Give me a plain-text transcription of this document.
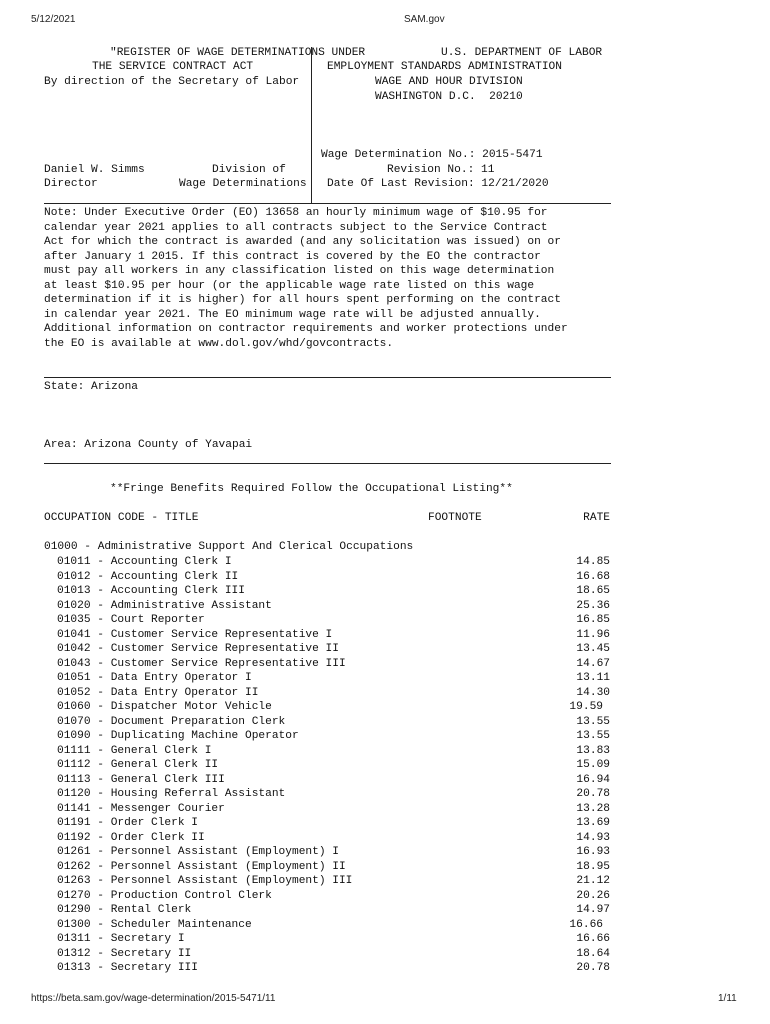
5/12/2021	SAM.gov
"REGISTER OF WAGE DETERMINATIONS UNDER
THE SERVICE CONTRACT ACT
By direction of the Secretary of Labor
U.S. DEPARTMENT OF LABOR
EMPLOYMENT STANDARDS ADMINISTRATION
WAGE AND HOUR DIVISION
WASHINGTON D.C.  20210
Daniel W. Simms
Director
Division of
Wage Determinations
Wage Determination No.: 2015-5471
Revision No.: 11
Date Of Last Revision: 12/21/2020
Note: Under Executive Order (EO) 13658 an hourly minimum wage of $10.95 for
calendar year 2021 applies to all contracts subject to the Service Contract
Act for which the contract is awarded (and any solicitation was issued) on or
after January 1 2015. If this contract is covered by the EO the contractor
must pay all workers in any classification listed on this wage determination
at least $10.95 per hour (or the applicable wage rate listed on this wage
determination if it is higher) for all hours spent performing on the contract
in calendar year 2021. The EO minimum wage rate will be adjusted annually.
Additional information on contractor requirements and worker protections under
the EO is available at www.dol.gov/whd/govcontracts.
State: Arizona
Area: Arizona County of Yavapai
**Fringe Benefits Required Follow the Occupational Listing**
OCCUPATION CODE - TITLE	FOOTNOTE	RATE
01000 - Administrative Support And Clerical Occupations
01011 - Accounting Clerk I	14.85
01012 - Accounting Clerk II	16.68
01013 - Accounting Clerk III	18.65
01020 - Administrative Assistant	25.36
01035 - Court Reporter	16.85
01041 - Customer Service Representative I	11.96
01042 - Customer Service Representative II	13.45
01043 - Customer Service Representative III	14.67
01051 - Data Entry Operator I	13.11
01052 - Data Entry Operator II	14.30
01060 - Dispatcher Motor Vehicle	19.59
01070 - Document Preparation Clerk	13.55
01090 - Duplicating Machine Operator	13.55
01111 - General Clerk I	13.83
01112 - General Clerk II	15.09
01113 - General Clerk III	16.94
01120 - Housing Referral Assistant	20.78
01141 - Messenger Courier	13.28
01191 - Order Clerk I	13.69
01192 - Order Clerk II	14.93
01261 - Personnel Assistant (Employment) I	16.93
01262 - Personnel Assistant (Employment) II	18.95
01263 - Personnel Assistant (Employment) III	21.12
01270 - Production Control Clerk	20.26
01290 - Rental Clerk	14.97
01300 - Scheduler Maintenance	16.66
01311 - Secretary I	16.66
01312 - Secretary II	18.64
01313 - Secretary III	20.78
https://beta.sam.gov/wage-determination/2015-5471/11	1/11
